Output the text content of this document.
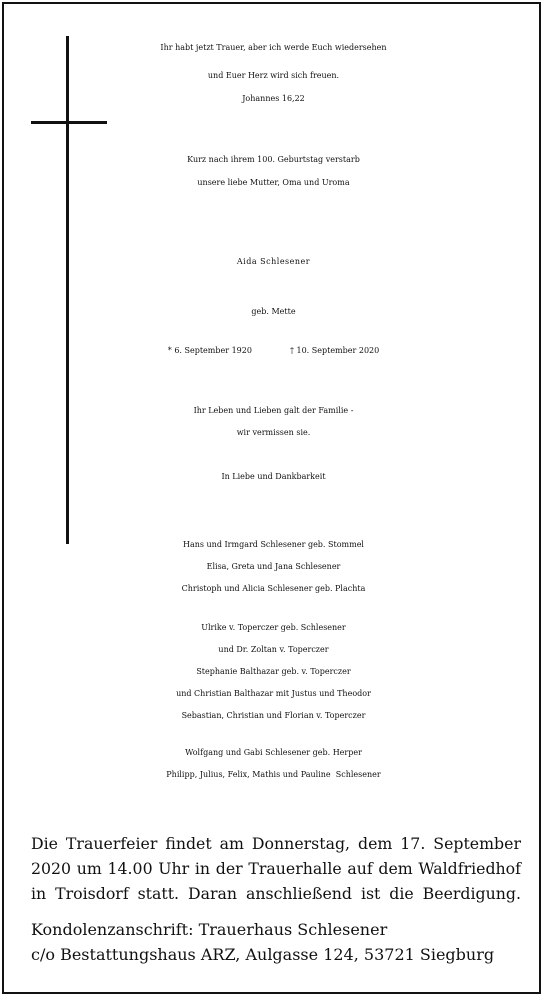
Ihr habt jetzt Trauer, aber ich werde Euch wiedersehen
und Euer Herz wird sich freuen.
Johannes 16,22
Kurz nach ihrem 100. Geburtstag verstarb
unsere liebe Mutter, Oma und Uroma
Aida Schlesener
geb. Mette
* 6. September 1920	† 10. September 2020
Ihr Leben und Lieben galt der Familie -
wir vermissen sie.
In Liebe und Dankbarkeit
Hans und Irmgard Schlesener geb. Stommel
Elisa, Greta und Jana Schlesener
Christoph und Alicia Schlesener geb. Plachta
Ulrike v. Toperczer geb. Schlesener
und Dr. Zoltan v. Toperczer
Stephanie Balthazar geb. v. Toperczer
und Christian Balthazar mit Justus und Theodor
Sebastian, Christian und Florian v. Toperczer
Wolfgang und Gabi Schlesener geb. Herper
Philipp, Julius, Felix, Mathis und Pauline  Schlesener
Die Trauerfeier findet am Donnerstag, dem 17. September
2020 um 14.00 Uhr in der Trauerhalle auf dem Waldfriedhof
in Troisdorf statt. Daran anschließend ist die Beerdigung.
Kondolenzanschrift: Trauerhaus Schlesener
c/o Bestattungshaus ARZ, Aulgasse 124, 53721 Siegburg
